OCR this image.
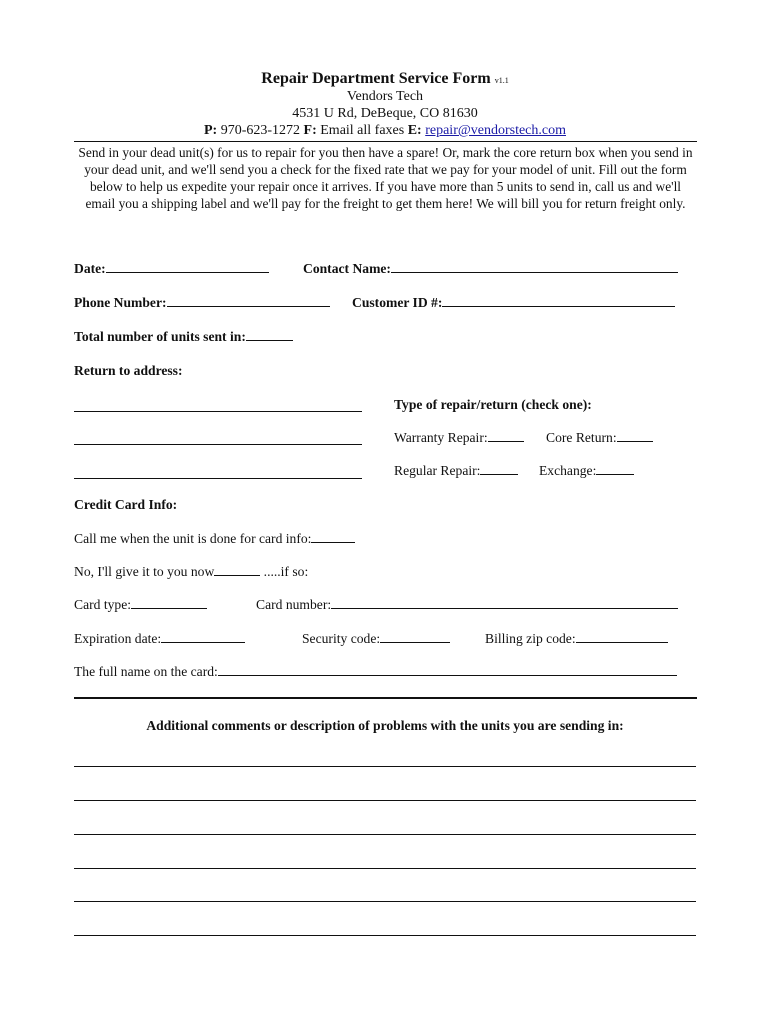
Repair Department Service Form v1.1
Vendors Tech
4531 U Rd, DeBeque, CO 81630
P: 970-623-1272 F: Email all faxes E: repair@vendorstech.com
Send in your dead unit(s) for us to repair for you then have a spare! Or, mark the core return box when you send in your dead unit, and we'll send you a check for the fixed rate that we pay for your model of unit. Fill out the form below to help us expedite your repair once it arrives. If you have more than 5 units to send in, call us and we'll email you a shipping label and we'll pay for the freight to get them here! We will bill you for return freight only.
Date:	Contact Name:
Phone Number:	Customer ID #:
Total number of units sent in:
Return to address:
Type of repair/return (check one):
Warranty Repair:	Core Return:
Regular Repair:	Exchange:
Credit Card Info:
Call me when the unit is done for card info:
No, I'll give it to you now	.....if so:
Card type:	Card number:
Expiration date:	Security code:	Billing zip code:
The full name on the card:
Additional comments or description of problems with the units you are sending in:
